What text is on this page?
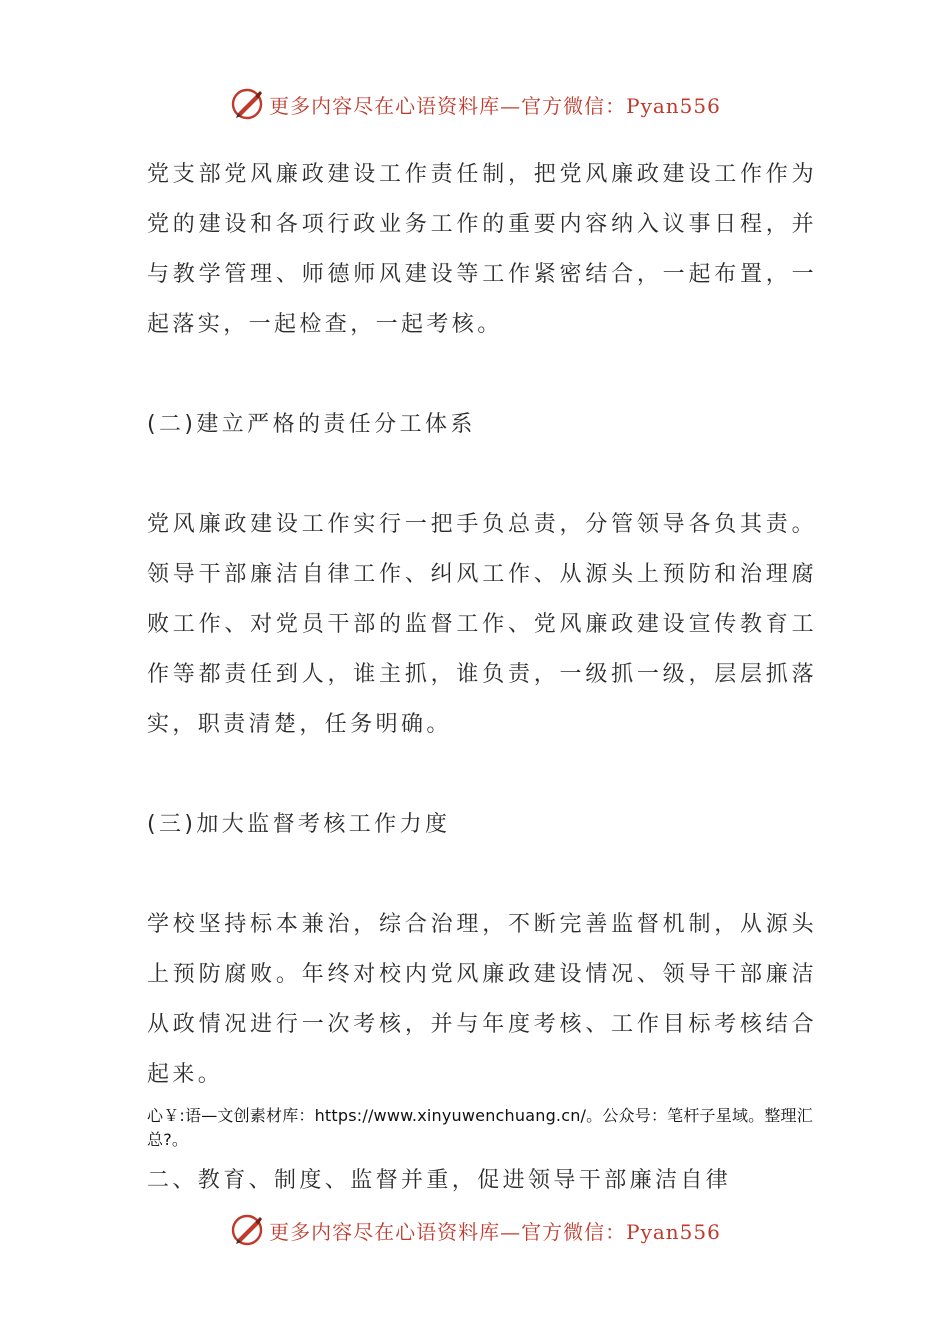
更多内容尽在心语资料库—官方微信：Pyan556

党支部党风廉政建设工作责任制，把党风廉政建设工作作为党的建设和各项行政业务工作的重要内容纳入议事日程，并与教学管理、师德师风建设等工作紧密结合，一起布置，一起落实，一起检查，一起考核。

(二)建立严格的责任分工体系

党风廉政建设工作实行一把手负总责，分管领导各负其责。领导干部廉洁自律工作、纠风工作、从源头上预防和治理腐败工作、对党员干部的监督工作、党风廉政建设宣传教育工作等都责任到人，谁主抓，谁负责，一级抓一级，层层抓落实，职责清楚，任务明确。

(三)加大监督考核工作力度

学校坚持标本兼治，综合治理，不断完善监督机制，从源头上预防腐败。年终对校内党风廉政建设情况、领导干部廉洁从政情况进行一次考核，并与年度考核、工作目标考核结合起来。

心￥:语—文创素材库：https://www.xinyuwenchuang.cn/。公众号：笔杆子星域。整理汇总?。

二、教育、制度、监督并重，促进领导干部廉洁自律

更多内容尽在心语资料库—官方微信：Pyan556
